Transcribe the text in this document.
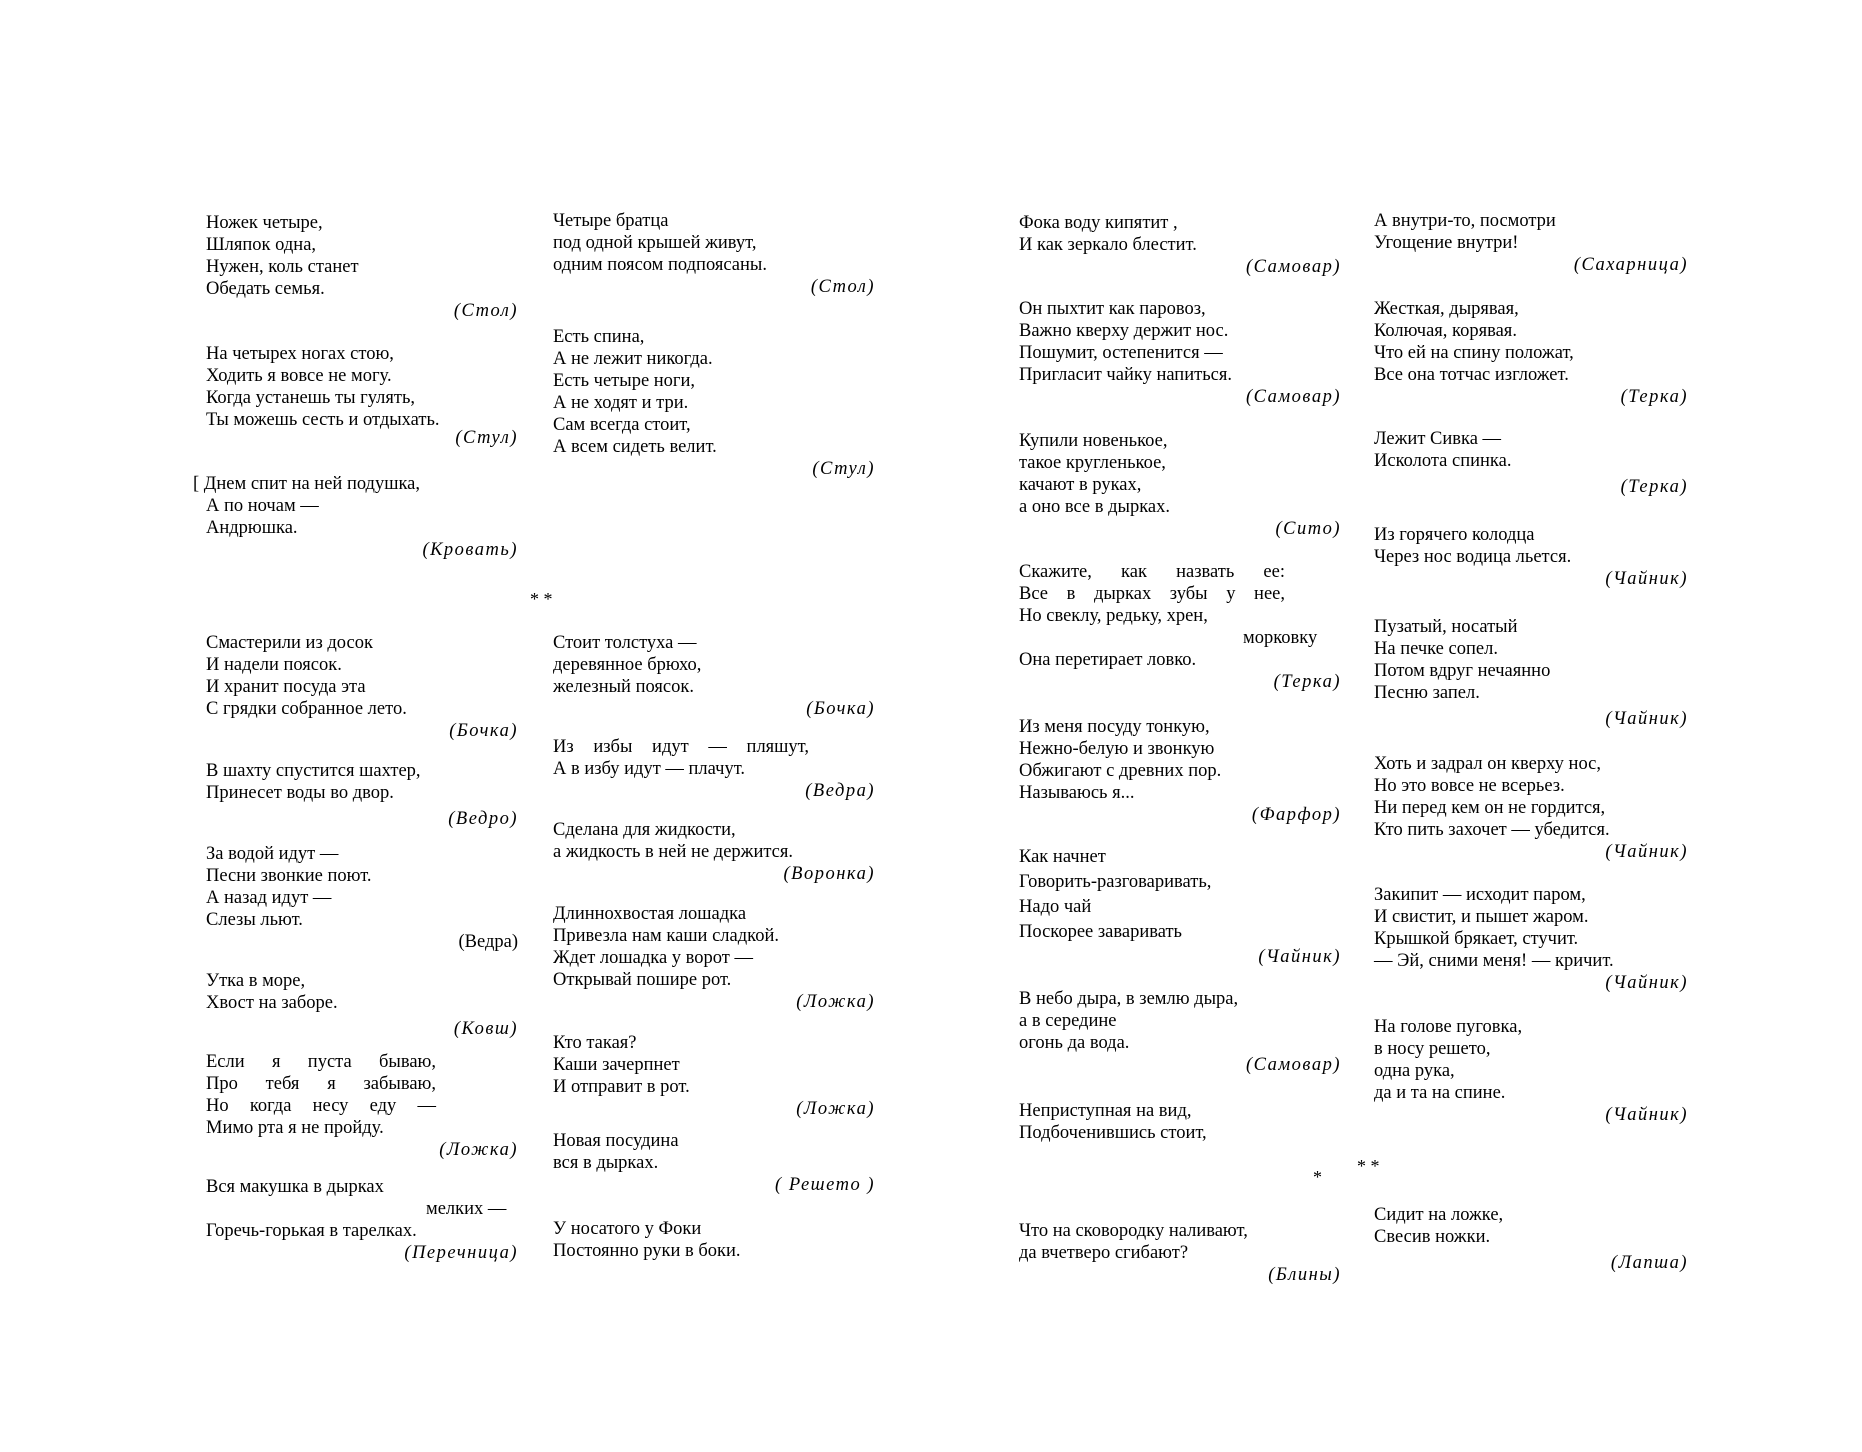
Ножек четыре,
Шляпок одна,
Нужен, коль станет
Обедать семья.
(Стол)
На четырех ногах стою,
Ходить я вовсе не могу.
Когда устанешь ты гулять,
Ты можешь сесть и отдыхать.
(Стул)
[ Днем спит на ней подушка,
А по ночам —
Андрюшка.
(Кровать)
Смастерили из досок
И надели поясок.
И хранит посуда эта
С грядки собранное лето.
(Бочка)
В шахту спустится шахтер,
Принесет воды во двор.
(Ведро)
За водой идут —
Песни звонкие поют.
А назад идут —
Слезы льют.
(Ведра)
Утка в море,
Хвост на заборе.
(Ковш)
Если я пуста бываю,
Про тебя я забываю,
Но когда несу еду —
Мимо рта я не пройду.
(Ложка)
Вся макушка в дырках
мелких —
Горечь-горькая в тарелках.
(Перечница)
Четыре братца
под одной крышей живут,
одним поясом подпоясаны.
(Стол)
Есть спина,
А не лежит никогда.
Есть четыре ноги,
А не ходят и три.
Сам всегда стоит,
А всем сидеть велит.
(Стул)
Стоит толстуха —
деревянное брюхо,
железный поясок.
(Бочка)
Из избы идут — пляшут,
А в избу идут — плачут.
(Ведра)
Сделана для жидкости,
а жидкость в ней не держится.
(Воронка)
Длиннохвостая лошадка
Привезла нам каши сладкой.
Ждет лошадка у ворот —
Открывай пошире рот.
(Ложка)
Кто такая?
Каши зачерпнет
И отправит в рот.
(Ложка)
Новая посудина
вся в дырках.
( Решето )
У носатого у Фоки
Постоянно руки в боки.
Фока воду кипятит ,
И как зеркало блестит.
(Самовар)
Он пыхтит как паровоз,
Важно кверху держит нос.
Пошумит, остепенится —
Пригласит чайку напиться.
(Самовар)
Купили новенькое,
такое кругленькое,
качают в руках,
а оно все в дырках.
(Сито)
Скажите, как назвать ее:
Все в дырках зубы у нее,
Но свеклу, редьку, хрен,
морковку
Она перетирает ловко.
(Терка)
Из меня посуду тонкую,
Нежно-белую и звонкую
Обжигают с древних пор.
Называюсь я...
(Фарфор)
Как начнет
Говорить-разговаривать,
Надо чай
Поскорее заваривать
(Чайник)
В небо дыра, в землю дыра,
а в середине
огонь да вода.
(Самовар)
Неприступная на вид,
Подбоченившись стоит,
Что на сковородку наливают,
да вчетверо сгибают?
(Блины)
А внутри-то, посмотри
Угощение внутри!
(Сахарница)
Жесткая, дырявая,
Колючая, корявая.
Что ей на спину положат,
Все она тотчас изгложет.
(Терка)
Лежит Сивка —
Исколота спинка.
(Терка)
Из горячего колодца
Через нос водица льется.
(Чайник)
Пузатый, носатый
На печке сопел.
Потом вдруг нечаянно
Песню запел.
(Чайник)
Хоть и задрал он кверху нос,
Но это вовсе не всерьез.
Ни перед кем он не гордится,
Кто пить захочет — убедится.
(Чайник)
Закипит — исходит паром,
И свистит, и пышет жаром.
Крышкой брякает, стучит.
— Эй, сними меня! — кричит.
(Чайник)
На голове пуговка,
в носу решето,
одна рука,
да и та на спине.
(Чайник)
Сидит на ложке,
Свесив ножки.
(Лапша)
* *
*
* *
